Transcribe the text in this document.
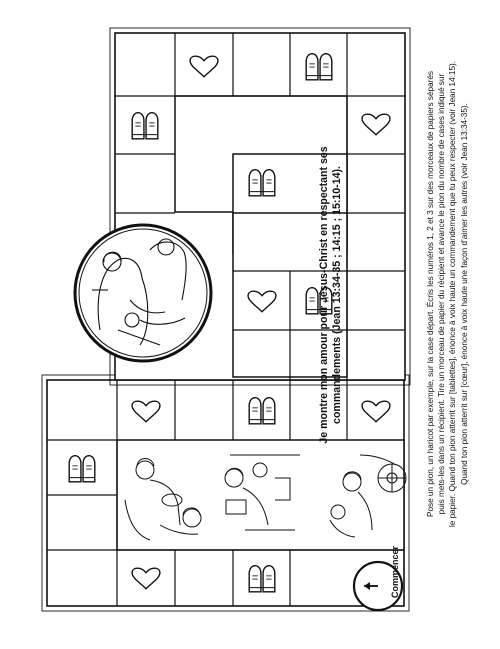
Commencer
Je montre mon amour pour Jésus-Christ en respectant ses commandements (Jean 13:34-35 ; 14:15 ; 15:10-14).	Pose un pion, un haricot par exemple, sur la case départ. Écris les numéros 1, 2 et 3 sur des morceaux de papiers séparés puis mets-les dans un récipient. Tire un morceau de papier du récipient et avance le pion du nombre de cases indiqué sur le papier. Quand ton pion atterrit sur [tablettes], énonce à voix haute un commandement que tu peux respecter (voir Jean 14:15). Quand ton pion atterrit sur [cœur], énonce à voix haute une façon d’aimer les autres (voir Jean 13:34-35).
